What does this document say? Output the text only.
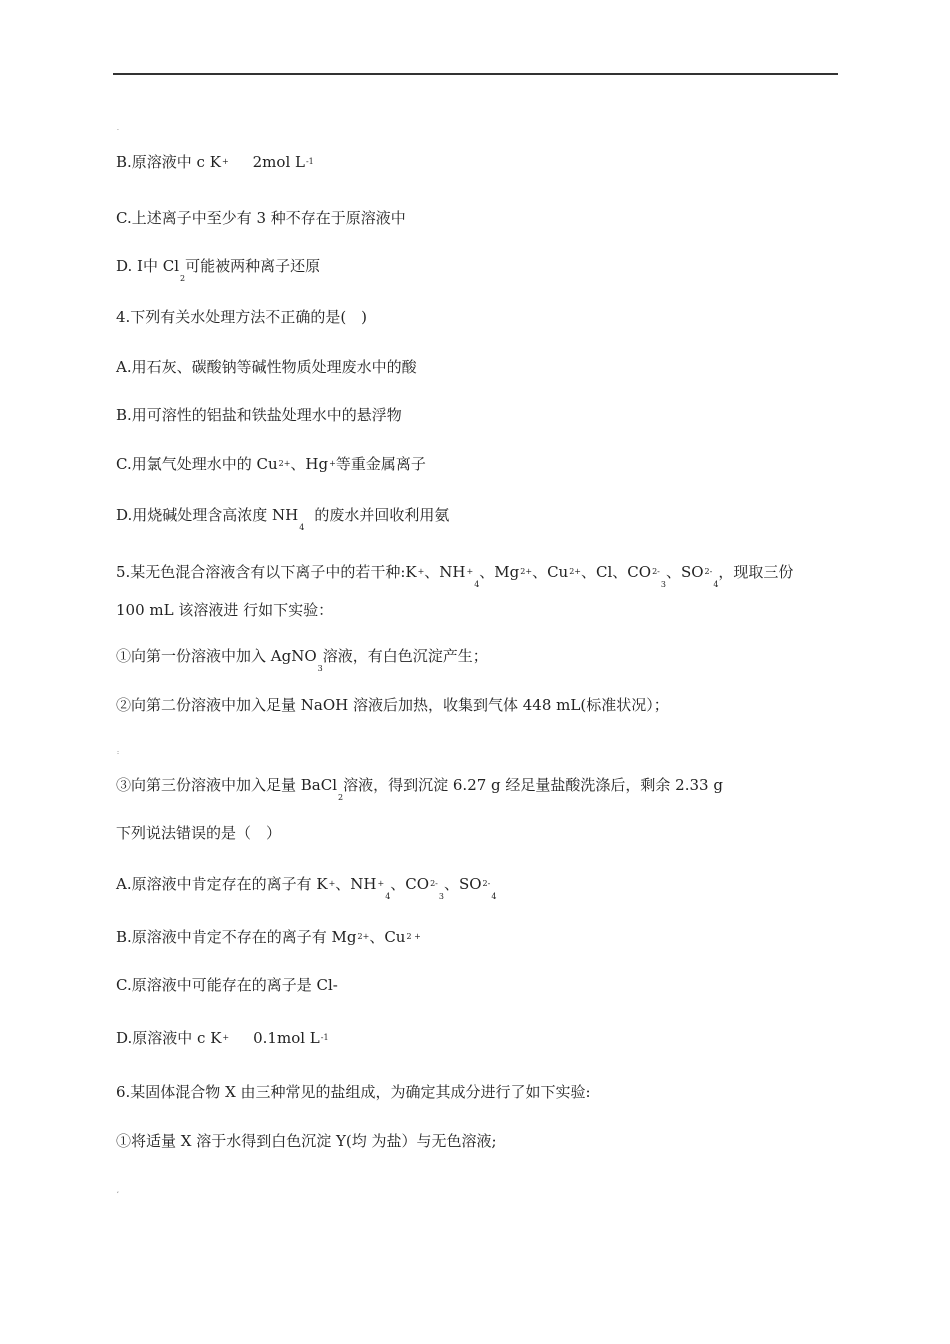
.
B.原溶液中 c K+ 2mol $L^{-1}$
C.上述离子中至少有 3 种不存在于原溶液中
D. Ⅰ中 $Cl_2$可能被两种离子还原
4.下列有关水处理方法不正确的是(　)
A.用石灰、碳酸钠等碱性物质处理废水中的酸
B.用可溶性的铝盐和铁盐处理水中的悬浮物
C.用氯气处理水中的 $Cu^{2+}$、Hg+等重金属离子
D.用烧碱处理含高浓度 $NH_4$的废水并回收利用氨
5.某无色混合溶液含有以下离子中的若干种:K+、$NH^+_4$、$Mg^{2+}$、$Cu^{2+}$、Cl、$CO^{2-}_3$、$SO^{2-}_4$，现取三份
100 mL 该溶液进 行如下实验：
①向第一份溶液中加入 AgNO$_3$溶液，有白色沉淀产生；
②向第二份溶液中加入足量 NaOH 溶液后加热，收集到气体 448 mL(标准状况）；
:
③向第三份溶液中加入足量 BaCl$_2$溶液，得到沉淀 6.27 g 经足量盐酸洗涤后，剩余 2.33 g
下列说法错误的是（　）
A.原溶液中肯定存在的离子有 K+、$NH^+_4$、$CO^{2-}_3$、$SO^{2-}_4$
B.原溶液中肯定不存在的离子有 $Mg^{2+}$、$Cu^{2 +}$
C.原溶液中可能存在的离子是 Cl-
D.原溶液中 c K+ 0.1mol $L^{-1}$
6.某固体混合物 X 由三种常见的盐组成，为确定其成分进行了如下实验:
①将适量 X 溶于水得到白色沉淀 Y(均 为盐）与无色溶液;
,
